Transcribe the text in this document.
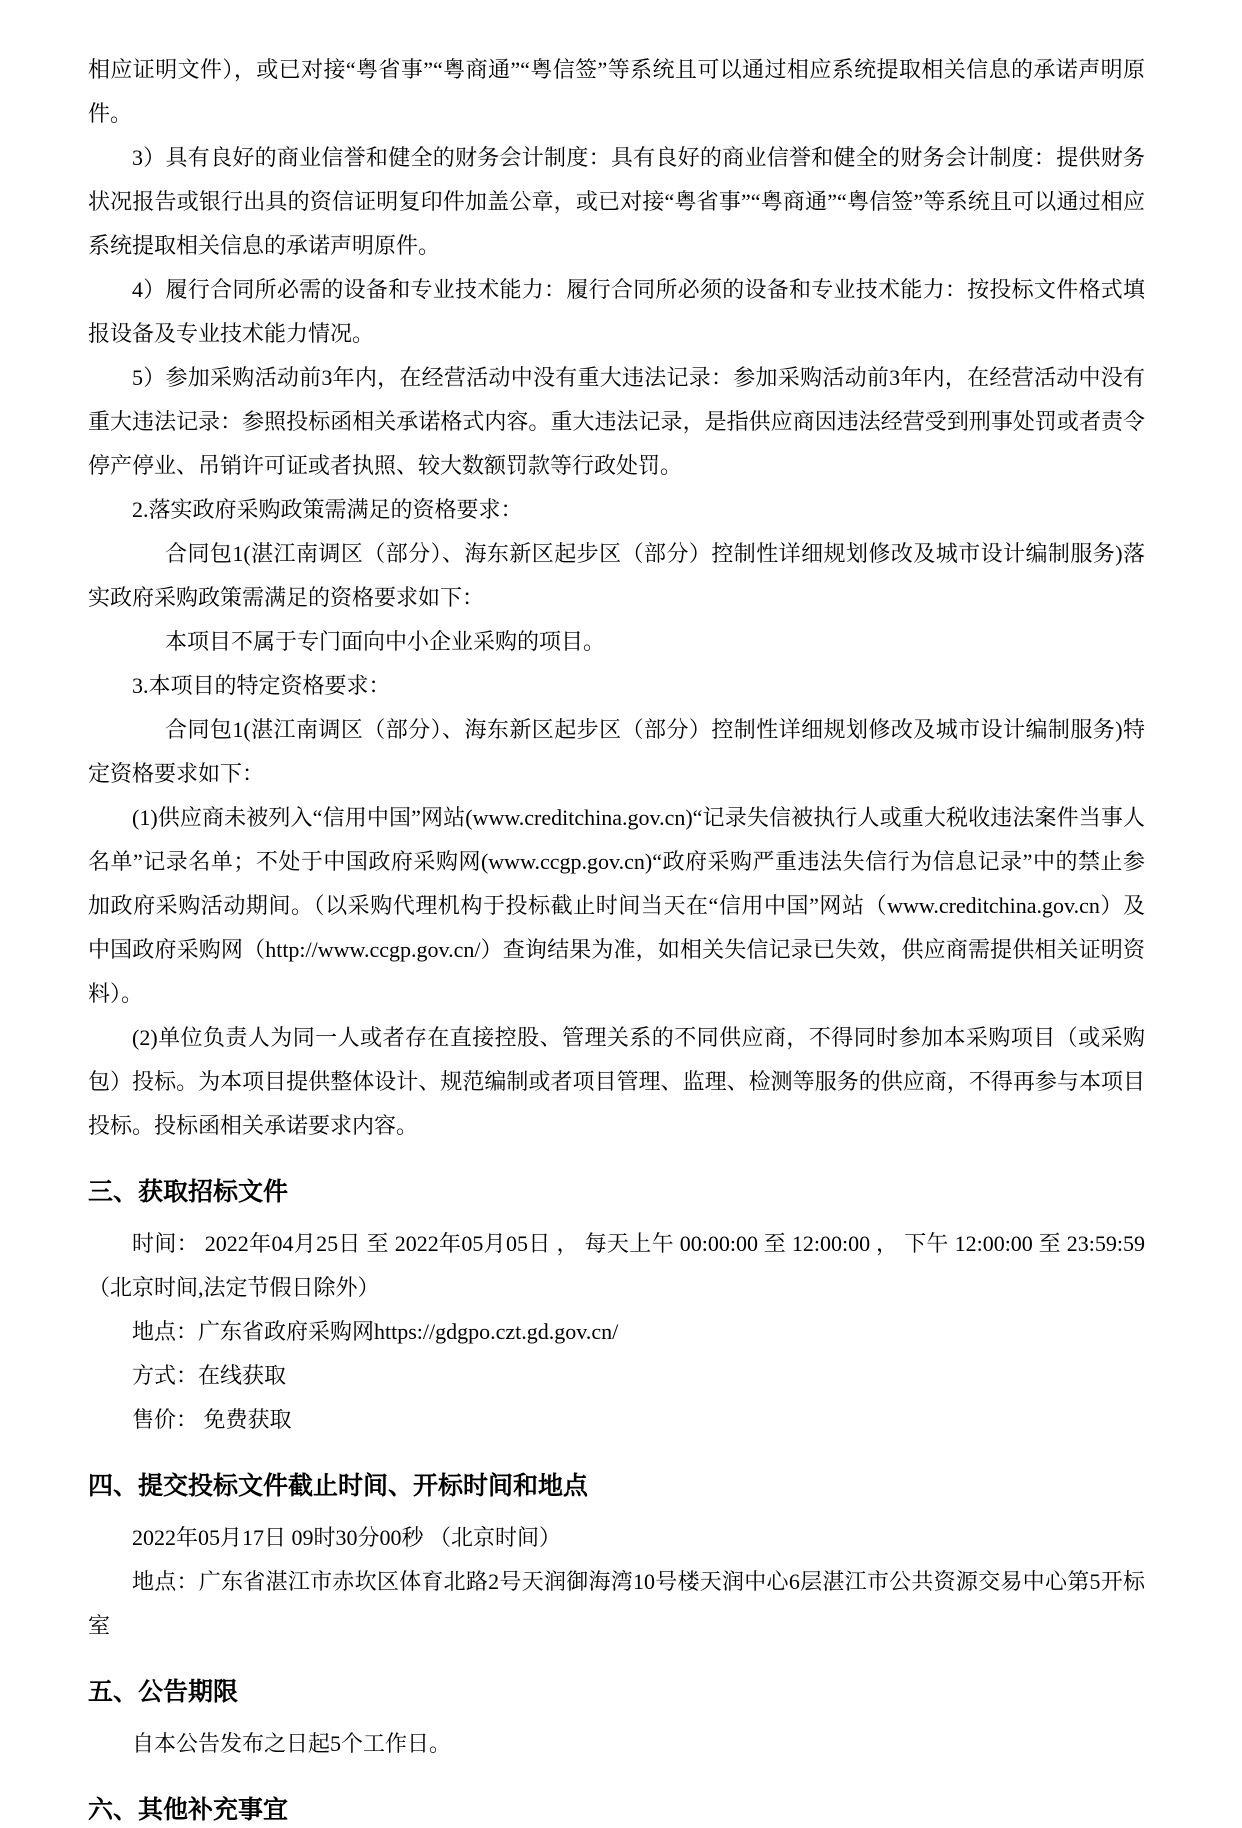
相应证明文件），或已对接“粤省事”“粤商通”“粤信签”等系统且可以通过相应系统提取相关信息的承诺声明原件。
3）具有良好的商业信誉和健全的财务会计制度：具有良好的商业信誉和健全的财务会计制度：提供财务状况报告或银行出具的资信证明复印件加盖公章，或已对接“粤省事”“粤商通”“粤信签”等系统且可以通过相应系统提取相关信息的承诺声明原件。
4）履行合同所必需的设备和专业技术能力：履行合同所必须的设备和专业技术能力：按投标文件格式填报设备及专业技术能力情况。
5）参加采购活动前3年内，在经营活动中没有重大违法记录：参加采购活动前3年内，在经营活动中没有重大违法记录：参照投标函相关承诺格式内容。重大违法记录，是指供应商因违法经营受到刑事处罚或者责令停产停业、吊销许可证或者执照、较大数额罚款等行政处罚。
2.落实政府采购政策需满足的资格要求：
合同包1(湛江南调区（部分）、海东新区起步区（部分）控制性详细规划修改及城市设计编制服务)落实政府采购政策需满足的资格要求如下：
本项目不属于专门面向中小企业采购的项目。
3.本项目的特定资格要求：
合同包1(湛江南调区（部分）、海东新区起步区（部分）控制性详细规划修改及城市设计编制服务)特定资格要求如下：
(1)供应商未被列入“信用中国”网站(www.creditchina.gov.cn)“记录失信被执行人或重大税收违法案件当事人名单”记录名单；不处于中国政府采购网(www.ccgp.gov.cn)“政府采购严重违法失信行为信息记录”中的禁止参加政府采购活动期间。（以采购代理机构于投标截止时间当天在“信用中国”网站（www.creditchina.gov.cn）及中国政府采购网（http://www.ccgp.gov.cn/）查询结果为准，如相关失信记录已失效，供应商需提供相关证明资料）。
(2)单位负责人为同一人或者存在直接控股、管理关系的不同供应商，不得同时参加本采购项目（或采购包）投标。为本项目提供整体设计、规范编制或者项目管理、监理、检测等服务的供应商，不得再参与本项目投标。投标函相关承诺要求内容。
三、获取招标文件
时间： 2022年04月25日 至 2022年05月05日 ， 每天上午 00:00:00 至 12:00:00 ， 下午 12:00:00 至 23:59:59 （北京时间,法定节假日除外）
地点：广东省政府采购网https://gdgpo.czt.gd.gov.cn/
方式：在线获取
售价： 免费获取
四、提交投标文件截止时间、开标时间和地点
2022年05月17日 09时30分00秒 （北京时间）
地点：广东省湛江市赤坎区体育北路2号天润御海湾10号楼天润中心6层湛江市公共资源交易中心第5开标室
五、公告期限
自本公告发布之日起5个工作日。
六、其他补充事宜
